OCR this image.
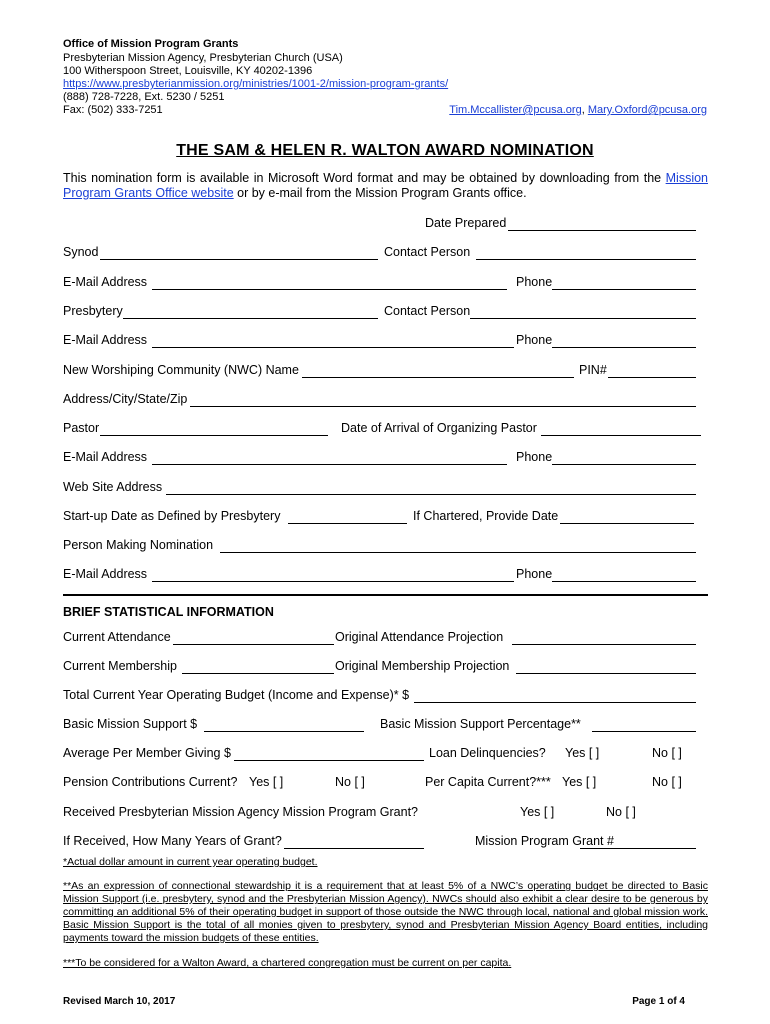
Office of Mission Program Grants
Presbyterian Mission Agency, Presbyterian Church (USA)
100 Witherspoon Street, Louisville, KY 40202-1396
https://www.presbyterianmission.org/ministries/1001-2/mission-program-grants/
(888) 728-7228, Ext. 5230 / 5251
Fax: (502) 333-7251	Tim.Mccallister@pcusa.org, Mary.Oxford@pcusa.org
THE SAM & HELEN R. WALTON AWARD NOMINATION
This nomination form is available in Microsoft Word format and may be obtained by downloading from the Mission Program Grants Office website or by e-mail from the Mission Program Grants office.
Date Prepared
Synod	Contact Person
E-Mail Address	Phone
Presbytery	Contact Person
E-Mail Address	Phone
New Worshiping Community (NWC) Name	PIN#
Address/City/State/Zip
Pastor	Date of Arrival of Organizing Pastor
E-Mail Address	Phone
Web Site Address
Start-up Date as Defined by Presbytery	If Chartered, Provide Date
Person Making Nomination
E-Mail Address	Phone
BRIEF STATISTICAL INFORMATION
Current Attendance	Original Attendance Projection
Current Membership	Original Membership Projection
Total Current Year Operating Budget (Income and Expense)* $
Basic Mission Support $	Basic Mission Support Percentage**
Average Per Member Giving $	Loan Delinquencies? Yes [ ]	No [ ]
Pension Contributions Current? Yes [ ]	No [ ]	Per Capita Current?*** Yes [ ]	No [ ]
Received Presbyterian Mission Agency Mission Program Grant?	Yes [ ]	No [ ]
If Received, How Many Years of Grant?	Mission Program Grant #
*Actual dollar amount in current year operating budget.
**As an expression of connectional stewardship it is a requirement that at least 5% of a NWC’s operating budget be directed to Basic Mission Support (i.e. presbytery, synod and the Presbyterian Mission Agency). NWCs should also exhibit a clear desire to be generous by committing an additional 5% of their operating budget in support of those outside the NWC through local, national and global mission work. Basic Mission Support is the total of all monies given to presbytery, synod and Presbyterian Mission Agency Board entities, including payments toward the mission budgets of these entities.
***To be considered for a Walton Award, a chartered congregation must be current on per capita.
Revised March 10, 2017	Page 1 of 4
